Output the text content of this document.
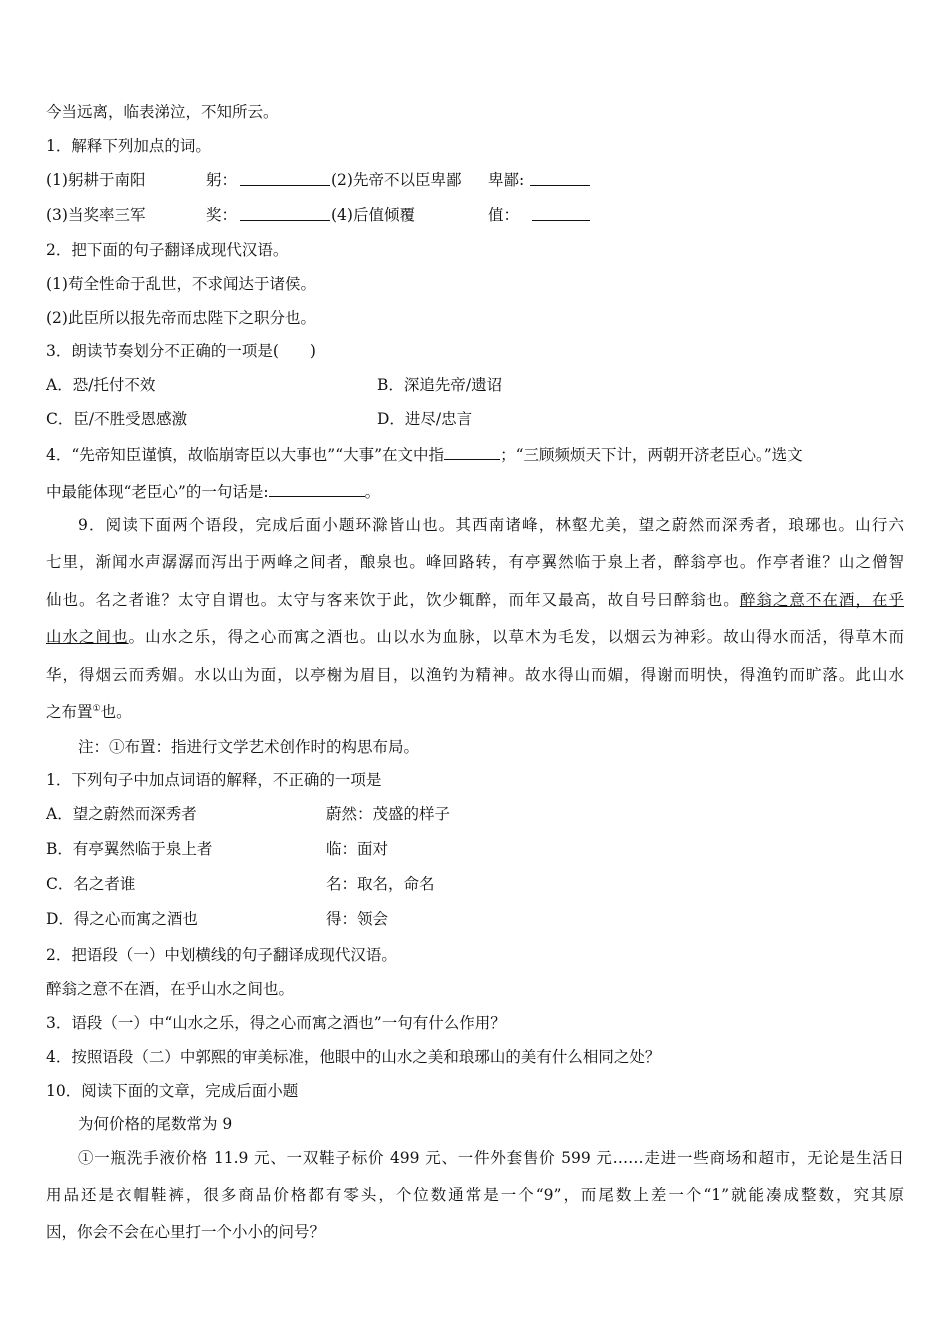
今当远离，临表涕泣，不知所云。
1．解释下列加点的词。
(1)躬耕于南阳	躬：	(2)先帝不以臣卑鄙 卑鄙:
(3)当奖率三军	奖：	(4)后值倾覆	值：
2．把下面的句子翻译成现代汉语。
(1)苟全性命于乱世，不求闻达于诸侯。
(2)此臣所以报先帝而忠陛下之职分也。
3．朗读节奏划分不正确的一项是(　　)
A．恐/托付不效	B．深追先帝/遗诏
C．臣/不胜受恩感激	D．进尽/忠言
4．“先帝知臣谨慎，故临崩寄臣以大事也”“大事”在文中指	；“三顾频烦天下计，两朝开济老臣心。”选文
中最能体现“老臣心”的一句话是:	。
9．阅读下面两个语段，完成后面小题环滁皆山也。其西南诸峰，林壑尤美，望之蔚然而深秀者，琅琊也。山行六
七里，渐闻水声潺潺而泻出于两峰之间者，酿泉也。峰回路转，有亭翼然临于泉上者，醉翁亭也。作亭者谁？山之僧智
仙也。名之者谁？太守自谓也。太守与客来饮于此，饮少辄醉，而年又最高，故自号曰醉翁也。醉翁之意不在酒，在乎
山水之间也。山水之乐，得之心而寓之酒也。山以水为血脉，以草木为毛发，以烟云为神彩。故山得水而活，得草木而
华，得烟云而秀媚。水以山为面，以亭榭为眉目，以渔钓为精神。故水得山而媚，得谢而明快，得渔钓而旷落。此山水
之布置①也。
注：①布置：指进行文学艺术创作时的构思布局。
1．下列句子中加点词语的解释，不正确的一项是
A．望之蔚然而深秀者	蔚然：茂盛的样子
B．有亭翼然临于泉上者	临：面对
C．名之者谁	名：取名，命名
D．得之心而寓之酒也	得：领会
2．把语段（一）中划横线的句子翻译成现代汉语。
醉翁之意不在酒，在乎山水之间也。
3．语段（一）中“山水之乐，得之心而寓之酒也”一句有什么作用？
4．按照语段（二）中郭熙的审美标准，他眼中的山水之美和琅琊山的美有什么相同之处？
10．阅读下面的文章，完成后面小题
为何价格的尾数常为 9
①一瓶洗手液价格 11.9 元、一双鞋子标价 499 元、一件外套售价 599 元……走进一些商场和超市，无论是生活日
用品还是衣帽鞋裤，很多商品价格都有零头，个位数通常是一个“9”，而尾数上差一个“1”就能凑成整数，究其原
因，你会不会在心里打一个小小的问号？
